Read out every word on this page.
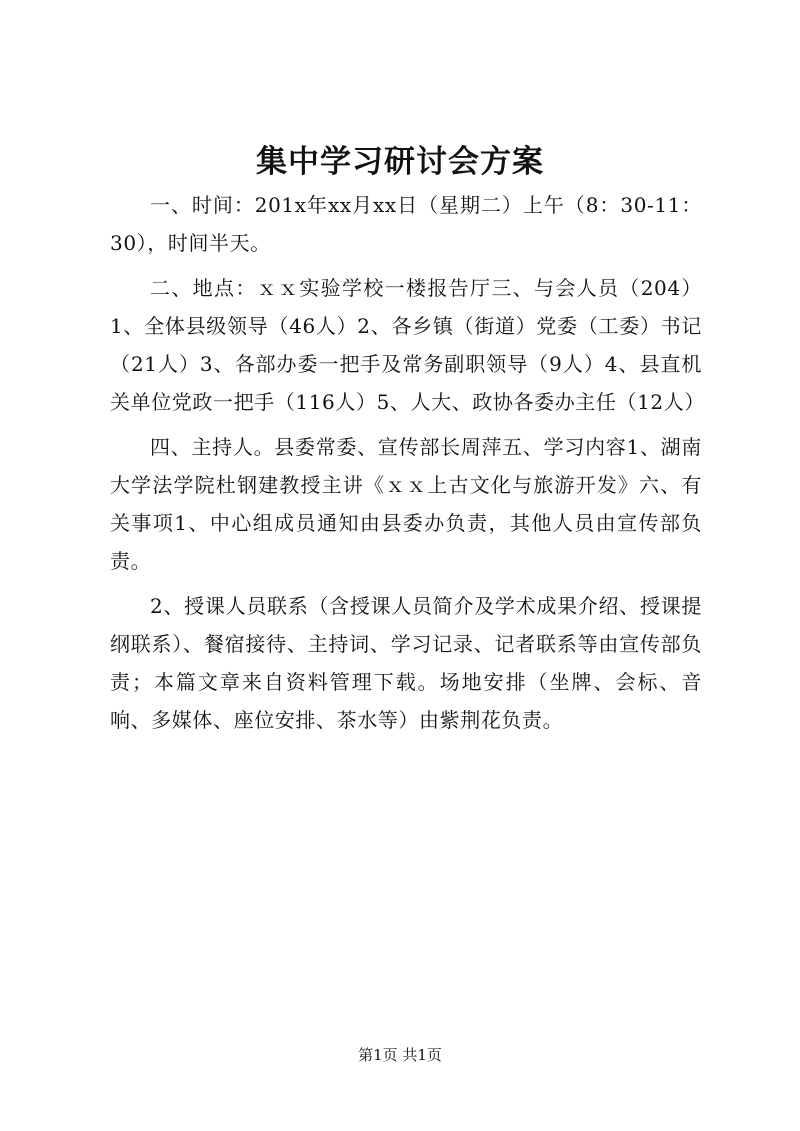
集中学习研讨会方案

一、时间：201x年xx月xx日（星期二）上午（8：30-11：30），时间半天。

二、地点：ｘｘ实验学校一楼报告厅三、与会人员（204）1、全体县级领导（46人）2、各乡镇（街道）党委（工委）书记（21人）3、各部办委一把手及常务副职领导（9人）4、县直机关单位党政一把手（116人）5、人大、政协各委办主任（12人）

四、主持人。县委常委、宣传部长周萍五、学习内容1、湖南大学法学院杜钢建教授主讲《ｘｘ上古文化与旅游开发》六、有关事项1、中心组成员通知由县委办负责，其他人员由宣传部负责。

2、授课人员联系（含授课人员简介及学术成果介绍、授课提纲联系）、餐宿接待、主持词、学习记录、记者联系等由宣传部负责；本篇文章来自资料管理下载。场地安排（坐牌、会标、音响、多媒体、座位安排、茶水等）由紫荆花负责。

第1页 共1页
